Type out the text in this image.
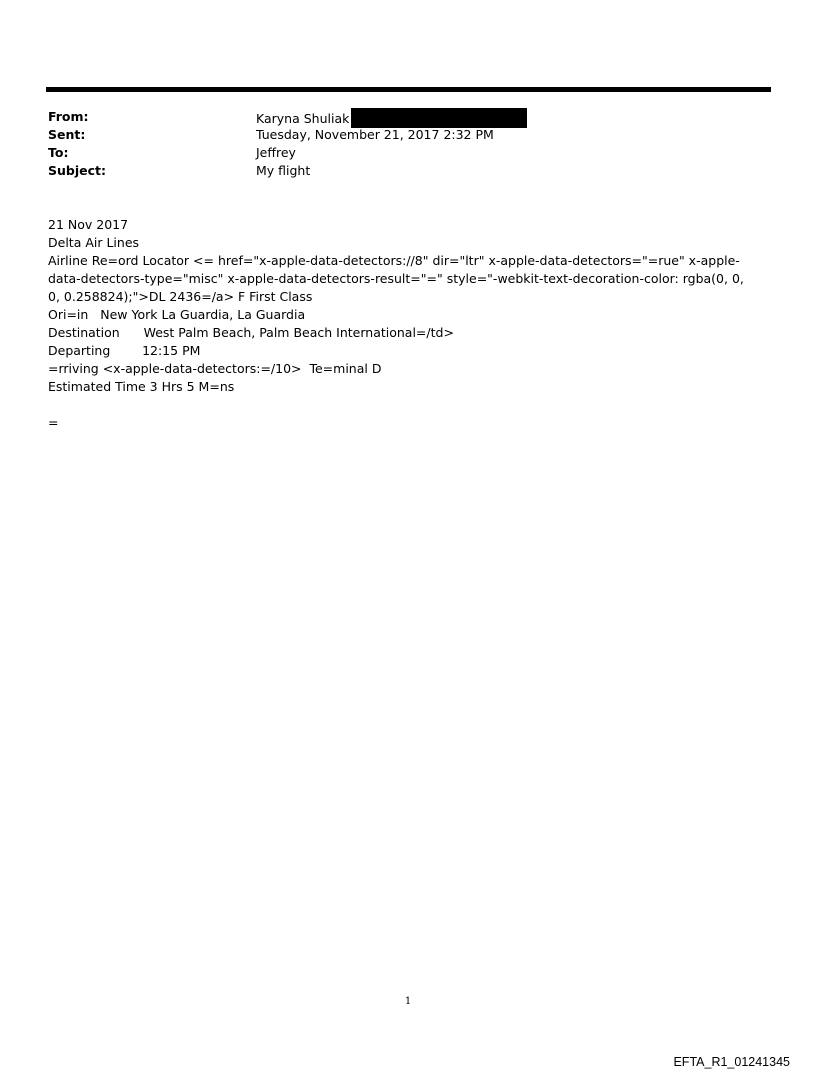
From:	Karyna Shuliak
Sent:	Tuesday, November 21, 2017 2:32 PM
To:	Jeffrey
Subject:	My flight

21 Nov 2017

Delta Air Lines

Airline Re=ord Locator <= href="x-apple-data-detectors://8" dir="ltr" x-apple-data-detectors="=rue" x-apple-data-detectors-type="misc" x-apple-data-detectors-result="=" style="-webkit-text-decoration-color: rgba(0, 0, 0, 0.258824);">DL 2436=/a> F First Class

Ori=in   New York La Guardia, La Guardia

Destination      West Palm Beach, Palm Beach International=/td>

Departing        12:15 PM

=rriving <x-apple-data-detectors:=/10>  Te=minal D

Estimated Time 3 Hrs 5 M=ns

=

1
EFTA_R1_01241345
